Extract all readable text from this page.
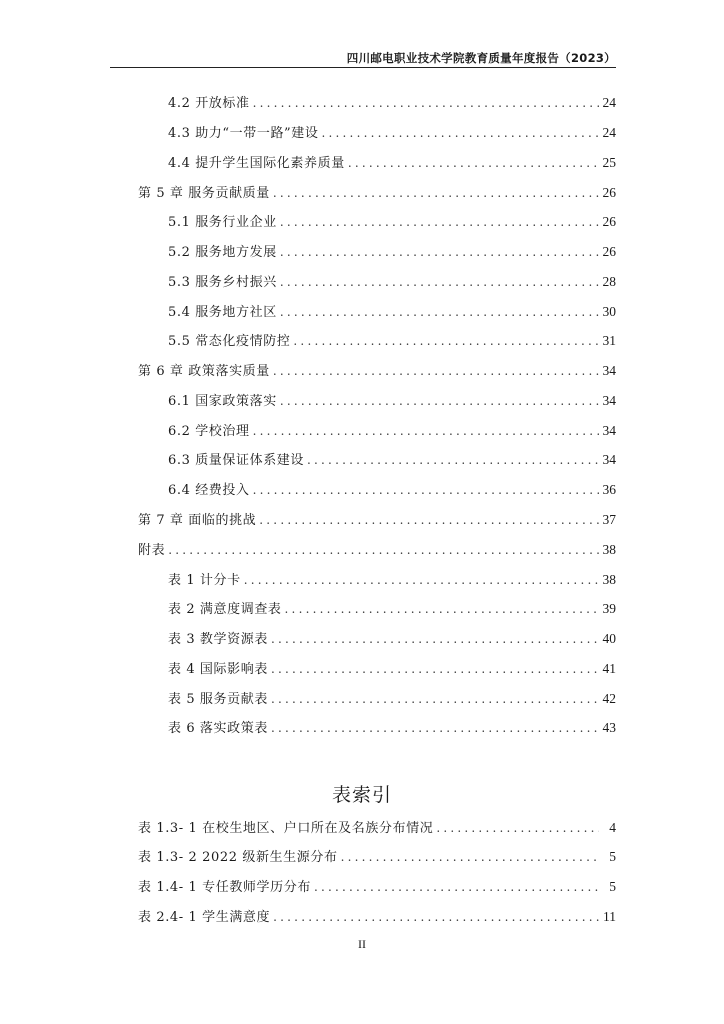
四川邮电职业技术学院教育质量年度报告（2023）
4.2 开放标准 .....	24
4.3 助力“一带一路”建设 .....	24
4.4 提升学生国际化素养质量 .....	25
第 5 章 服务贡献质量 .....	26
5.1 服务行业企业 .....	26
5.2 服务地方发展 .....	26
5.3 服务乡村振兴 .....	28
5.4 服务地方社区 .....	30
5.5 常态化疫情防控 .....	31
第 6 章 政策落实质量 .....	34
6.1 国家政策落实 .....	34
6.2 学校治理 .....	34
6.3 质量保证体系建设 .....	34
6.4 经费投入 .....	36
第 7 章 面临的挑战 .....	37
附表 .....	38
表 1 计分卡 .....	38
表 2 满意度调查表 .....	39
表 3 教学资源表 .....	40
表 4 国际影响表 .....	41
表 5 服务贡献表 .....	42
表 6 落实政策表 .....	43
表索引
表 1.3- 1 在校生地区、户口所在及名族分布情况 .....	4
表 1.3- 2 2022 级新生生源分布 .....	5
表 1.4- 1 专任教师学历分布 .....	5
表 2.4- 1 学生满意度 .....	11
II
